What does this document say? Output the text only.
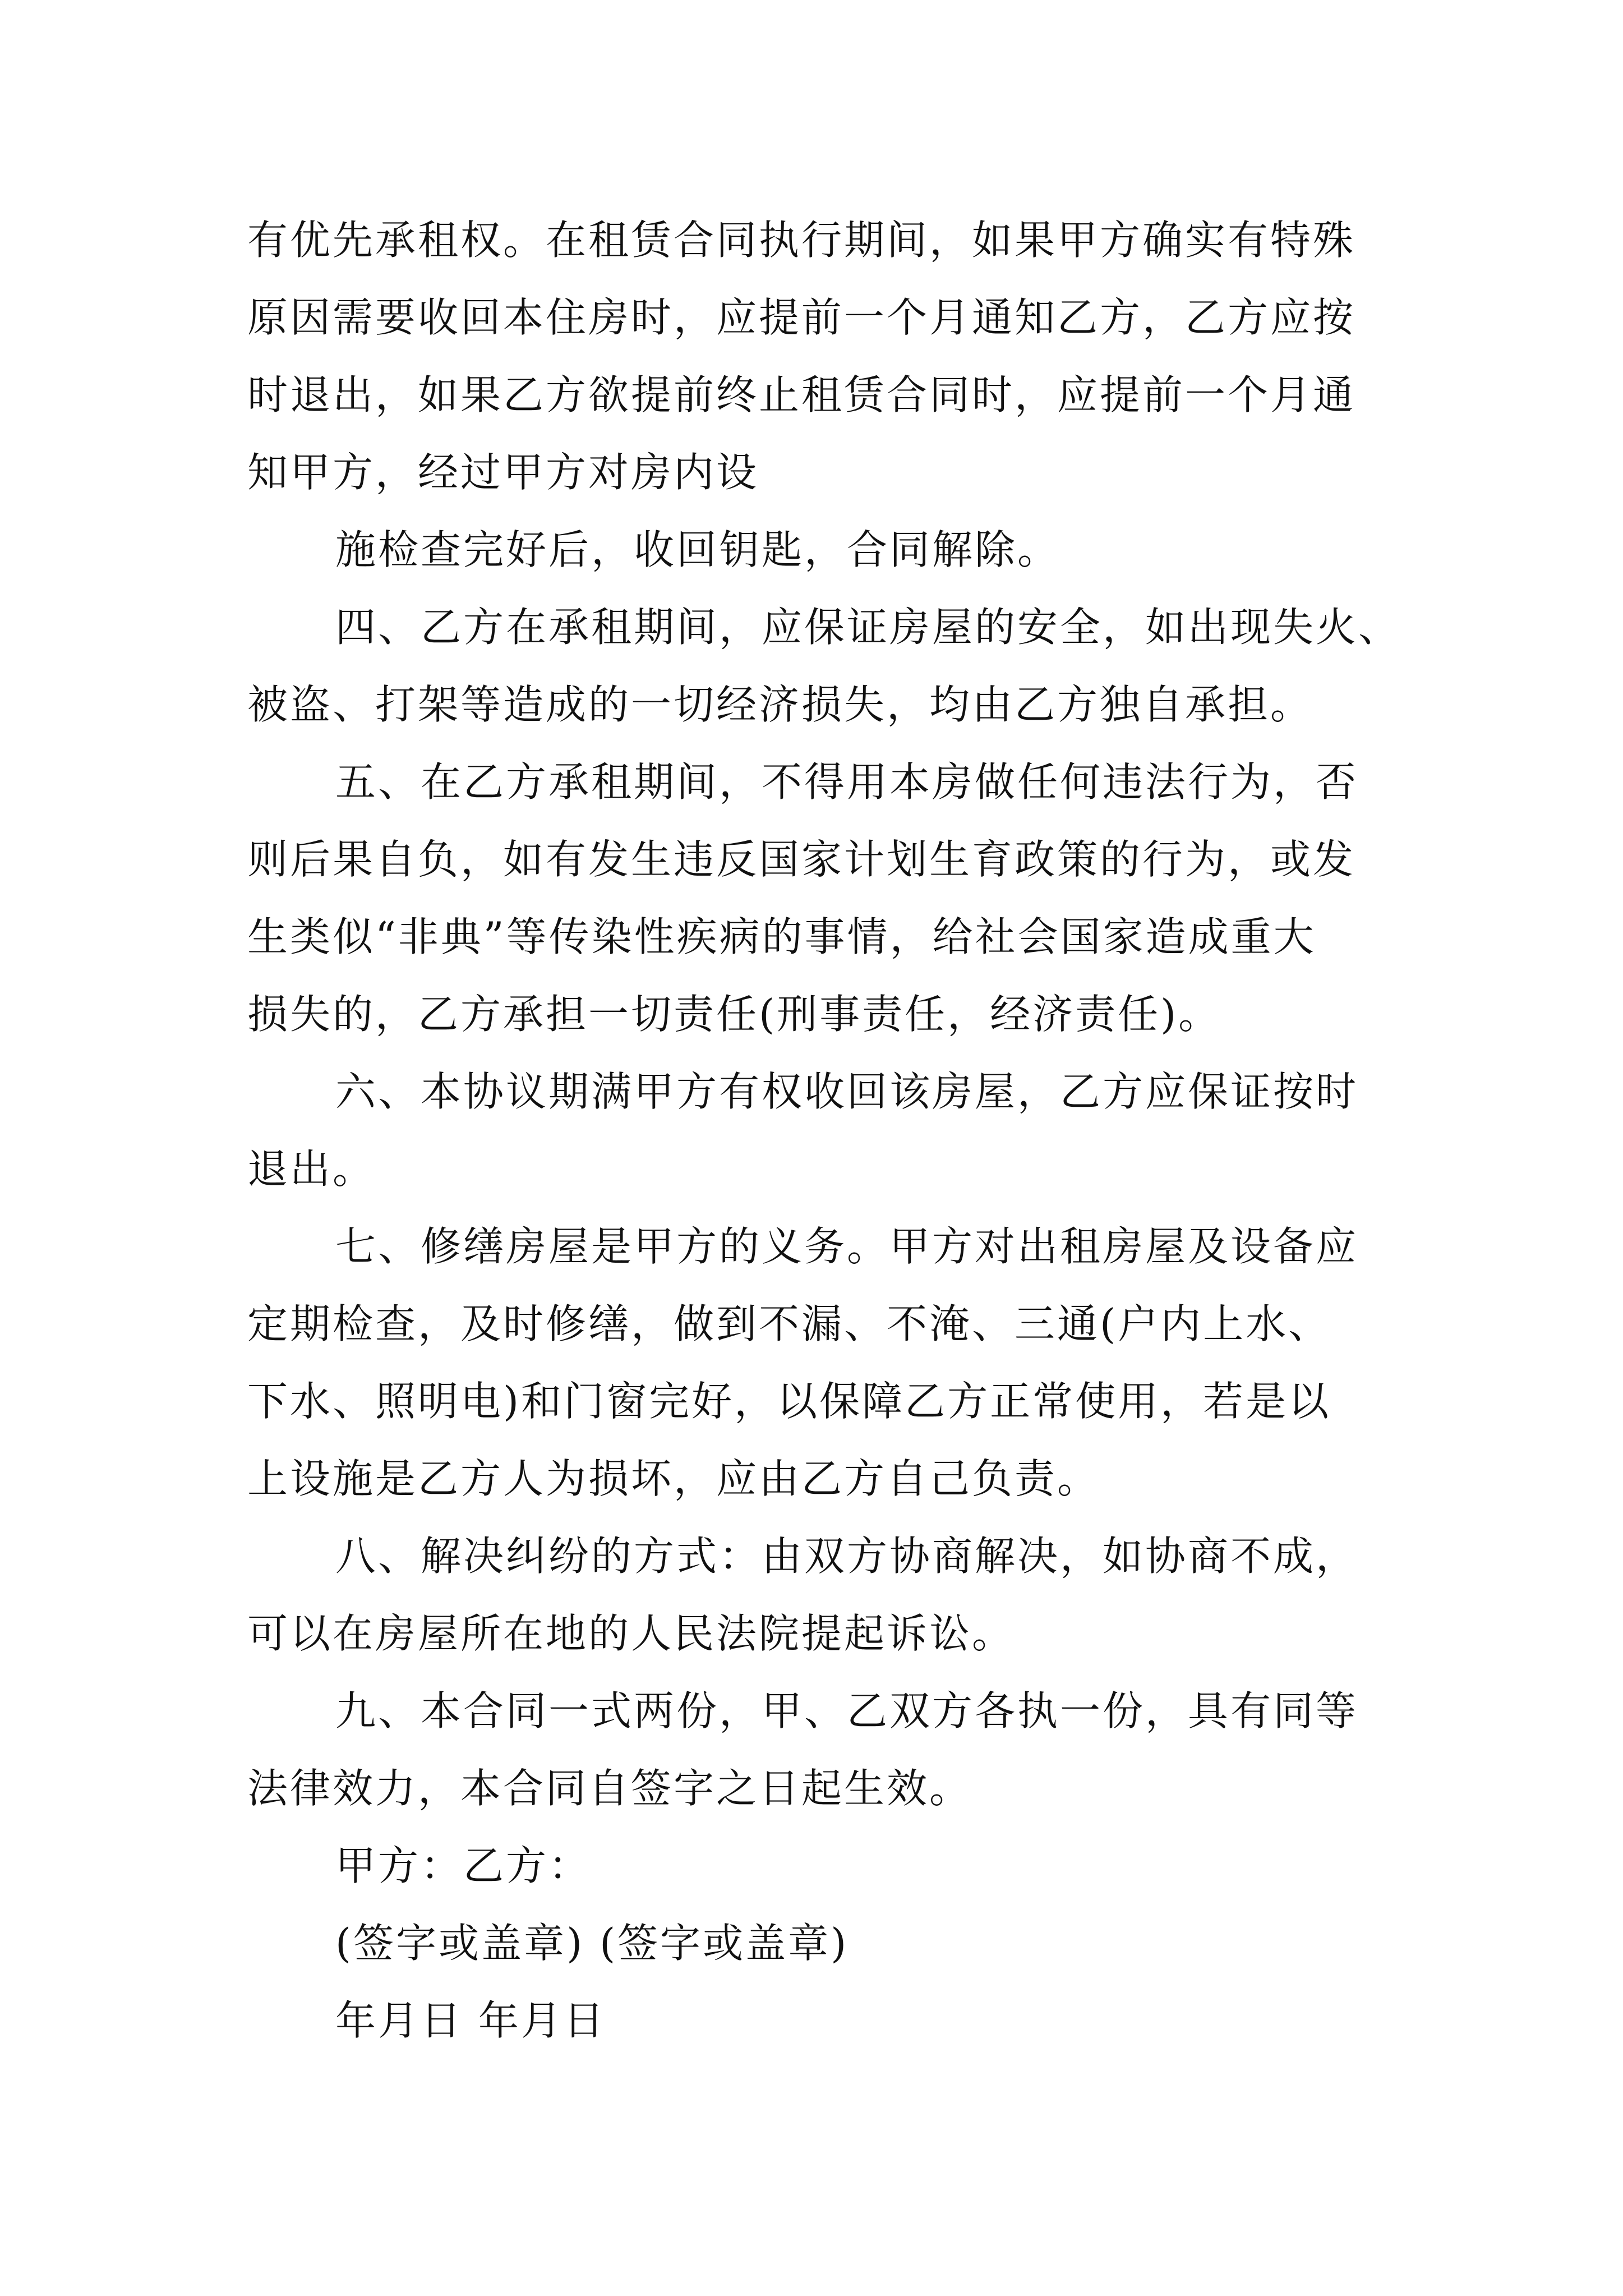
有优先承租权。在租赁合同执行期间，如果甲方确实有特殊
原因需要收回本住房时，应提前一个月通知乙方，乙方应按
时退出，如果乙方欲提前终止租赁合同时，应提前一个月通
知甲方，经过甲方对房内设
施检查完好后，收回钥匙，合同解除。
四、乙方在承租期间，应保证房屋的安全，如出现失火、
被盗、打架等造成的一切经济损失，均由乙方独自承担。
五、在乙方承租期间，不得用本房做任何违法行为，否
则后果自负，如有发生违反国家计划生育政策的行为，或发
生类似“非典”等传染性疾病的事情，给社会国家造成重大
损失的，乙方承担一切责任(刑事责任，经济责任)。
六、本协议期满甲方有权收回该房屋，乙方应保证按时
退出。
七、修缮房屋是甲方的义务。甲方对出租房屋及设备应
定期检查，及时修缮，做到不漏、不淹、三通(户内上水、
下水、照明电)和门窗完好，以保障乙方正常使用，若是以
上设施是乙方人为损坏，应由乙方自己负责。
八、解决纠纷的方式：由双方协商解决，如协商不成，
可以在房屋所在地的人民法院提起诉讼。
九、本合同一式两份，甲、乙双方各执一份，具有同等
法律效力，本合同自签字之日起生效。
甲方：乙方：
(签字或盖章) (签字或盖章)
年月日 年月日
